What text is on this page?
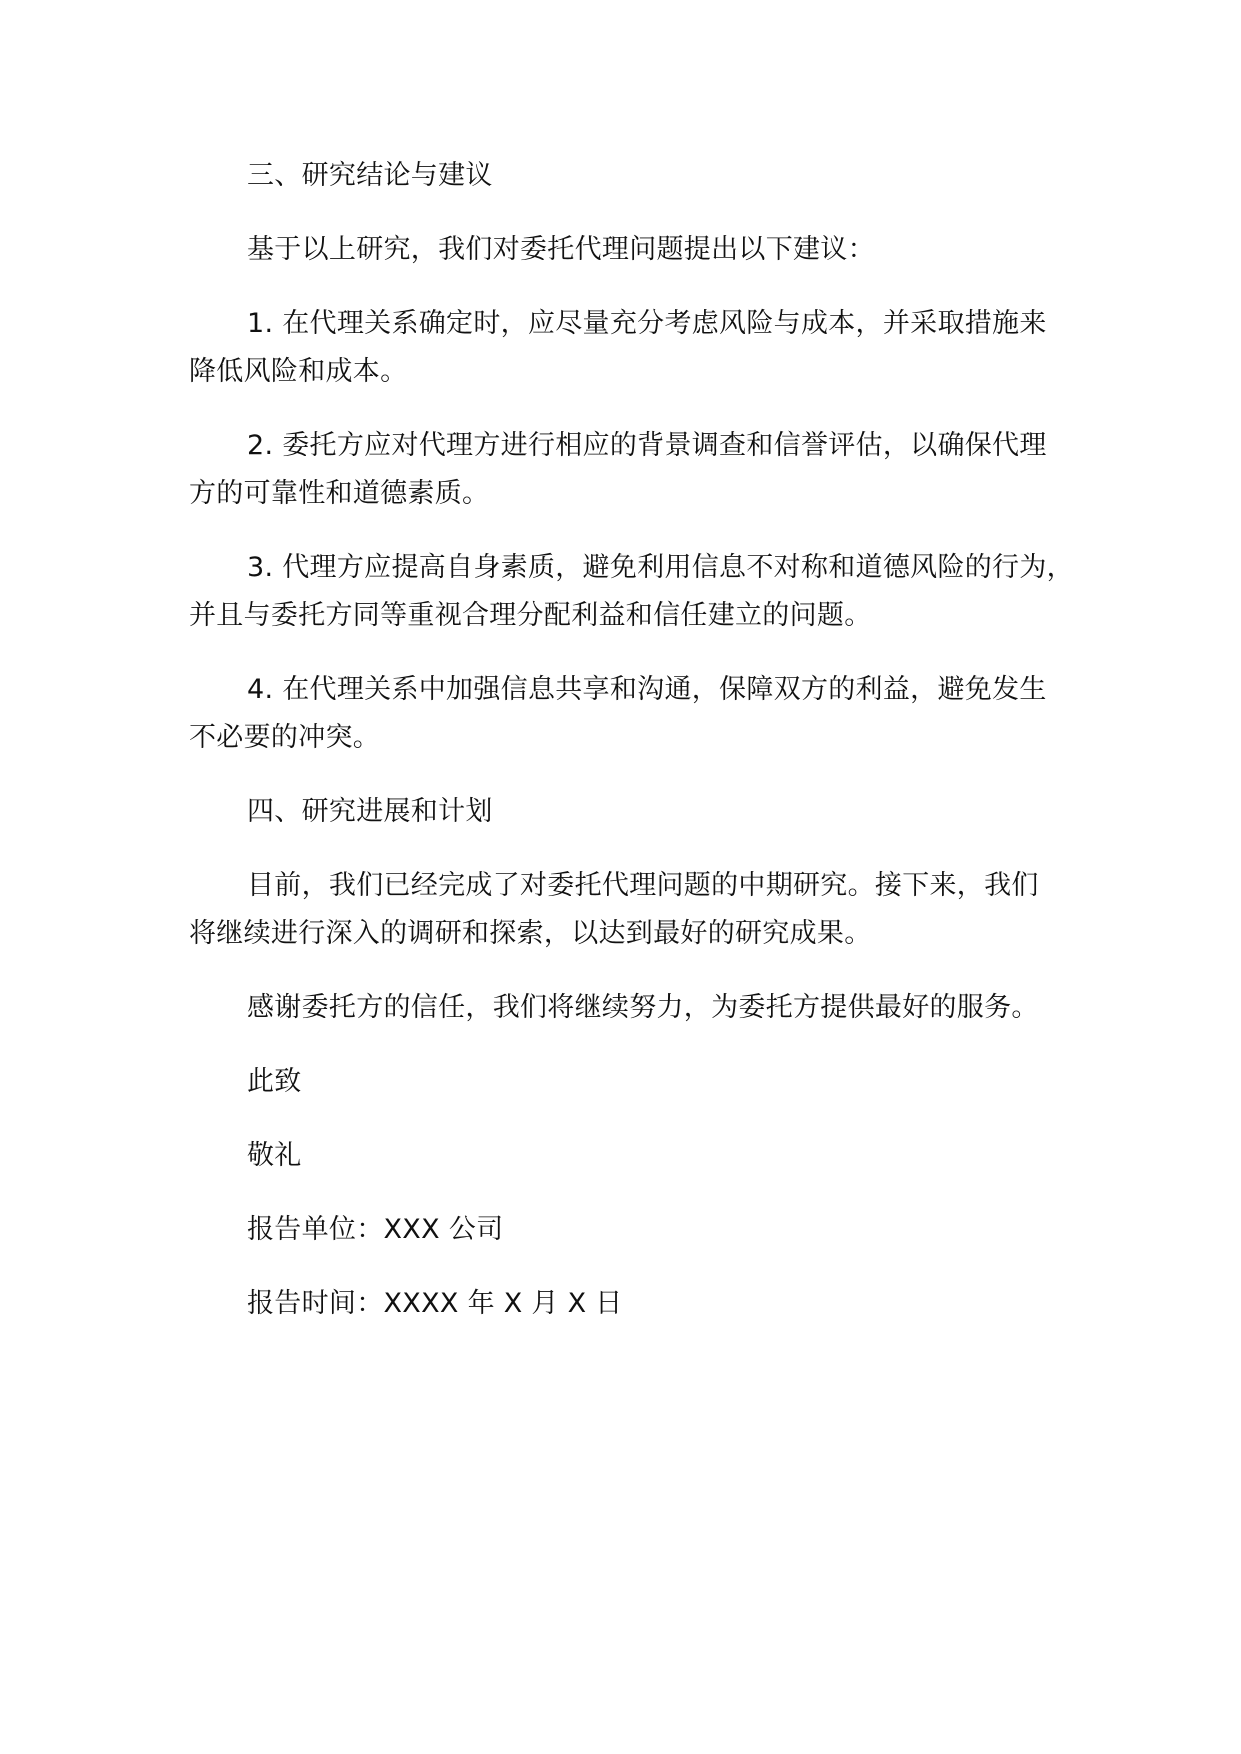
三、研究结论与建议

基于以上研究，我们对委托代理问题提出以下建议：

1. 在代理关系确定时，应尽量充分考虑风险与成本，并采取措施来
降低风险和成本。

2. 委托方应对代理方进行相应的背景调查和信誉评估，以确保代理
方的可靠性和道德素质。

3. 代理方应提高自身素质，避免利用信息不对称和道德风险的行为，
并且与委托方同等重视合理分配利益和信任建立的问题。

4. 在代理关系中加强信息共享和沟通，保障双方的利益，避免发生
不必要的冲突。

四、研究进展和计划

目前，我们已经完成了对委托代理问题的中期研究。接下来，我们
将继续进行深入的调研和探索，以达到最好的研究成果。

感谢委托方的信任，我们将继续努力，为委托方提供最好的服务。

此致

敬礼

报告单位：XXX 公司

报告时间：XXXX 年 X 月 X 日
